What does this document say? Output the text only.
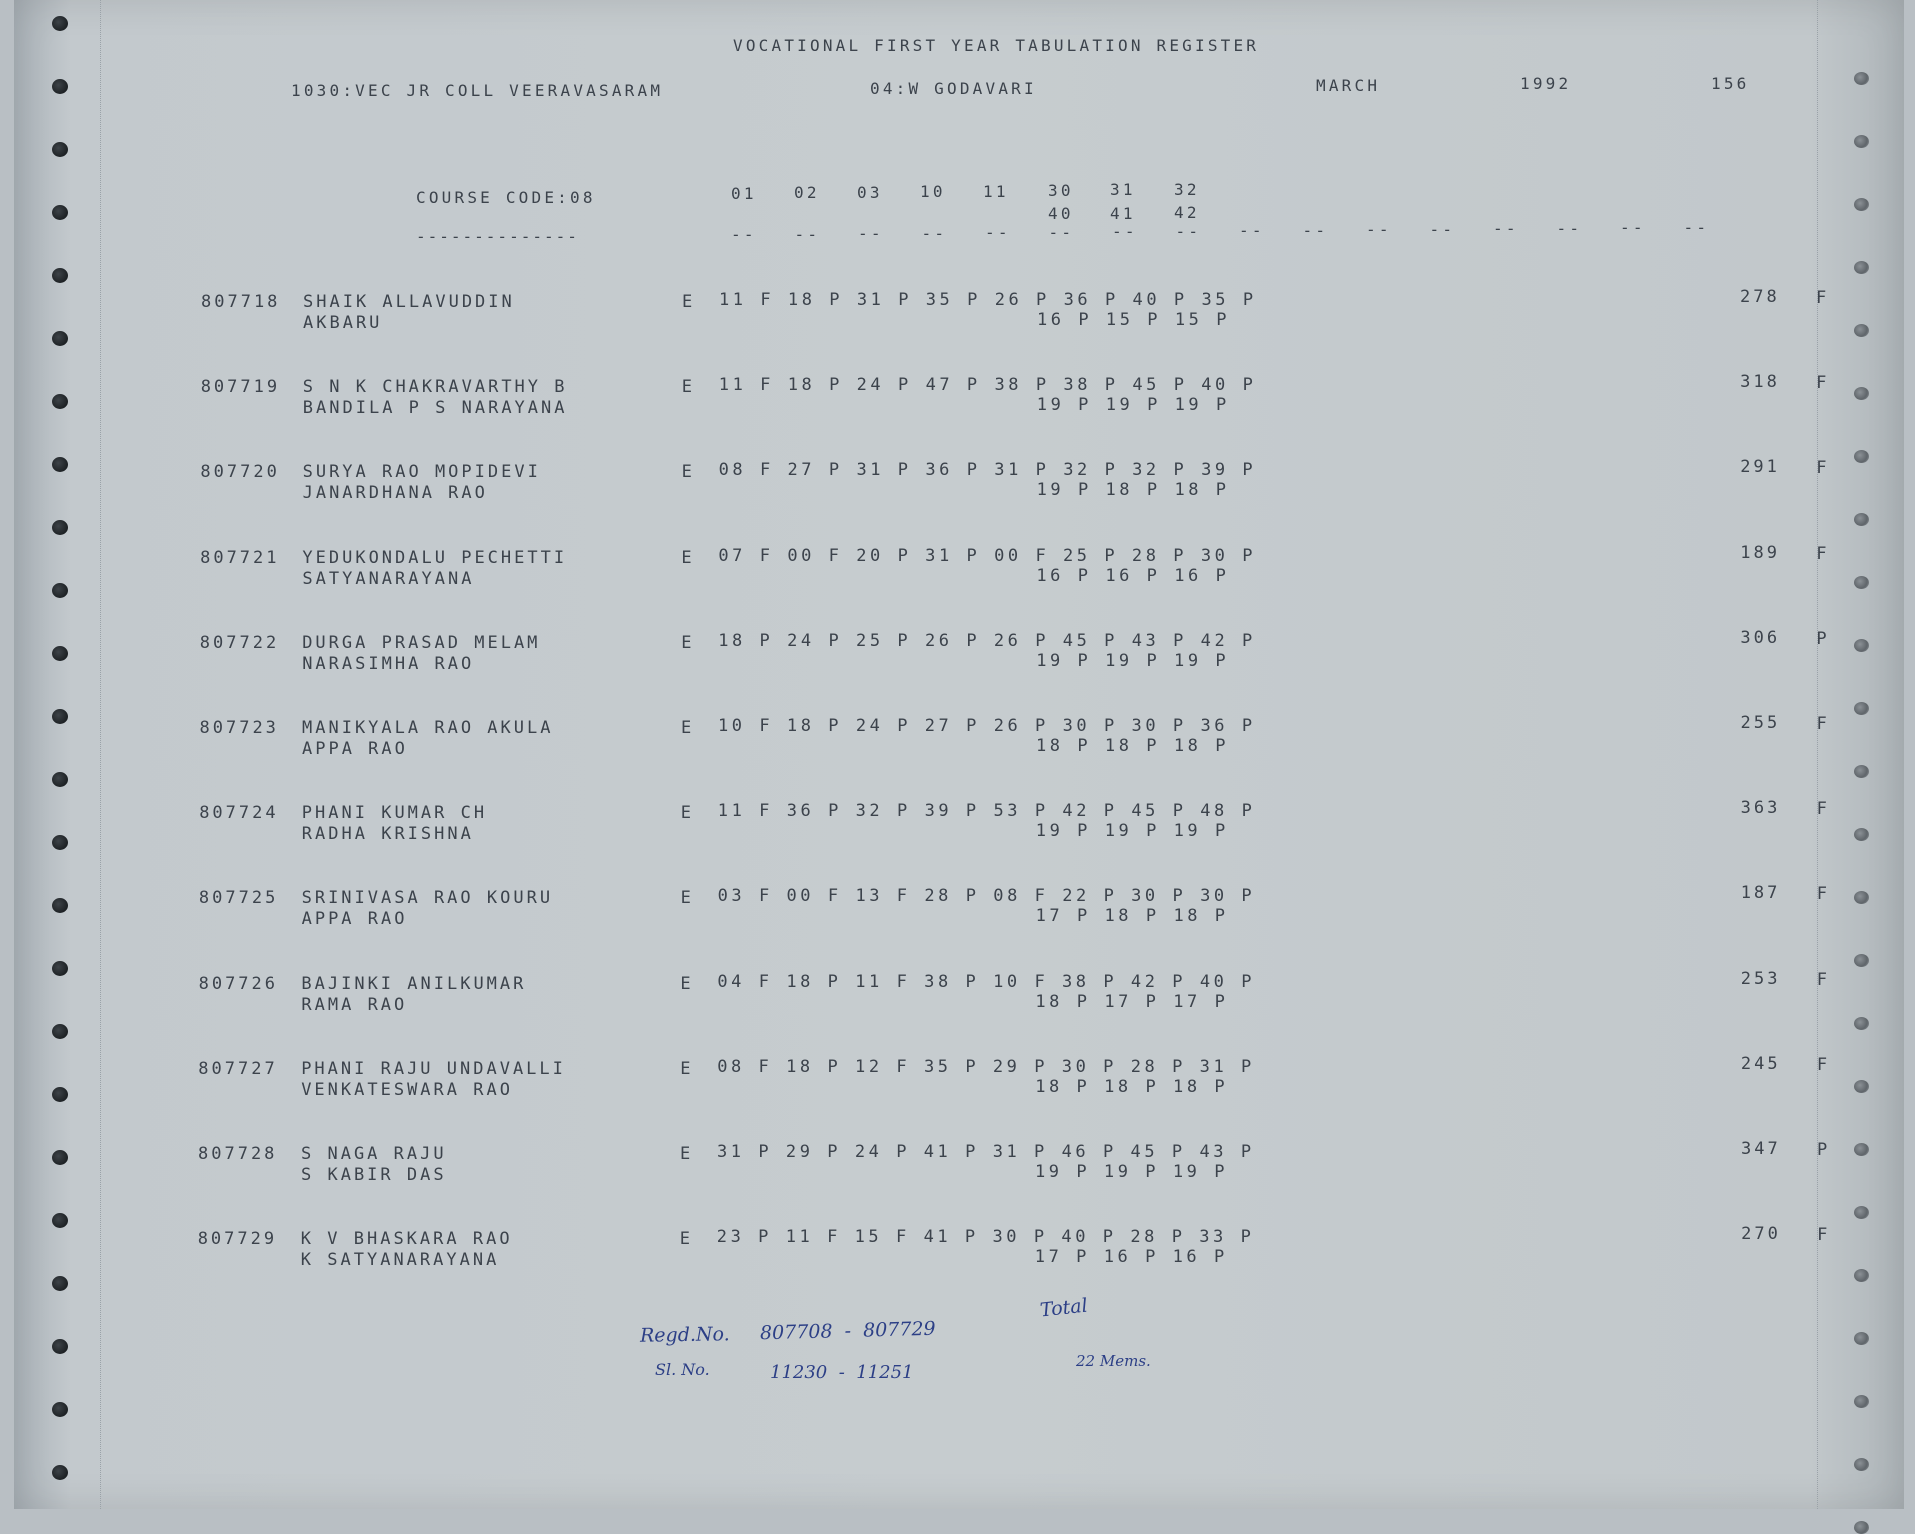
VOCATIONAL FIRST YEAR TABULATION REGISTER
1030:VEC JR COLL VEERAVASARAM	04:W GODAVARI	MARCH	1992	156
COURSE CODE:08
--------------
01 02 03 10 11 30 31 32
40 41 42
-- -- -- -- -- -- -- -- -- -- -- -- -- -- -- --
807718 SHAIK ALLAVUDDIN
AKBARU
E 11 F 18 P 31 P 35 P 26 P 36 P 40 P 35 P
16 P 15 P 15 P
278 F
807719 S N K CHAKRAVARTHY B
BANDILA P S NARAYANA
E 11 F 18 P 24 P 47 P 38 P 38 P 45 P 40 P
19 P 19 P 19 P
318 F
807720 SURYA RAO MOPIDEVI
JANARDHANA RAO
E 08 F 27 P 31 P 36 P 31 P 32 P 32 P 39 P
19 P 18 P 18 P
291 F
807721 YEDUKONDALU PECHETTI
SATYANARAYANA
E 07 F 00 F 20 P 31 P 00 F 25 P 28 P 30 P
16 P 16 P 16 P
189 F
807722 DURGA PRASAD MELAM
NARASIMHA RAO
E 18 P 24 P 25 P 26 P 26 P 45 P 43 P 42 P
19 P 19 P 19 P
306 P
807723 MANIKYALA RAO AKULA
APPA RAO
E 10 F 18 P 24 P 27 P 26 P 30 P 30 P 36 P
18 P 18 P 18 P
255 F
807724 PHANI KUMAR CH
RADHA KRISHNA
E 11 F 36 P 32 P 39 P 53 P 42 P 45 P 48 P
19 P 19 P 19 P
363 F
807725 SRINIVASA RAO KOURU
APPA RAO
E 03 F 00 F 13 F 28 P 08 F 22 P 30 P 30 P
17 P 18 P 18 P
187 F
807726 BAJINKI ANILKUMAR
RAMA RAO
E 04 F 18 P 11 F 38 P 10 F 38 P 42 P 40 P
18 P 17 P 17 P
253 F
807727 PHANI RAJU UNDAVALLI
VENKATESWARA RAO
E 08 F 18 P 12 F 35 P 29 P 30 P 28 P 31 P
18 P 18 P 18 P
245 F
807728 S NAGA RAJU
S KABIR DAS
E 31 P 29 P 24 P 41 P 31 P 46 P 45 P 43 P
19 P 19 P 19 P
347 P
807729 K V BHASKARA RAO
K SATYANARAYANA
E 23 P 11 F 15 F 41 P 30 P 40 P 28 P 33 P
17 P 16 P 16 P
270 F
Regd.No. 807708  -  807729
Sl. No.	11230  -  11251
Total
22 Mems.
